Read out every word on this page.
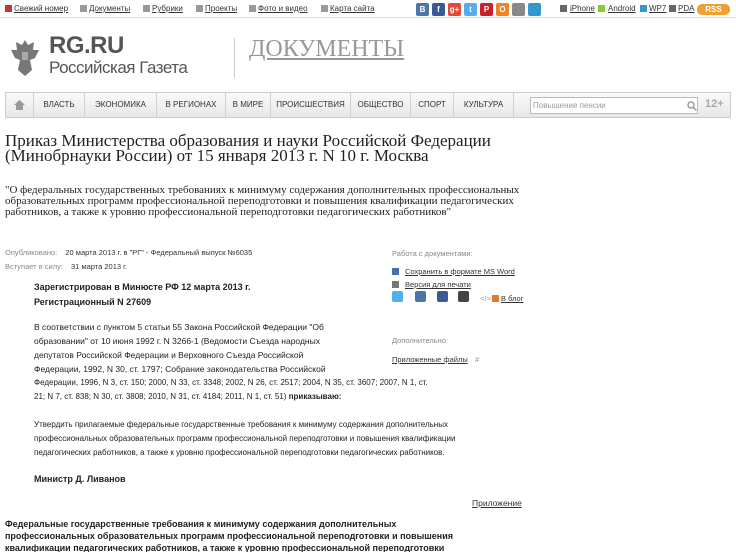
Свежий номер	Документы	Рубрики	Проекты	Фото и видео	Карта сайта	B	f	g+	t	P	O	iPhone Android WP7 PDA	RSS
RG.RU
Российская Газета
ДОКУМЕНТЫ
ВЛАСТЬ	ЭКОНОМИКА	В РЕГИОНАХ	В МИРЕ	ПРОИСШЕСТВИЯ	ОБЩЕСТВО	СПОРТ	КУЛЬТУРА	Повышение пенсии	12+
Приказ Министерства образования и науки Российской Федерации (Минобрнауки России) от 15 января 2013 г. N 10 г. Москва
"О федеральных государственных требованиях к минимуму содержания дополнительных профессиональных образовательных программ профессиональной переподготовки и повышения квалификации педагогических работников, а также к уровню профессиональной переподготовки педагогических работников"
Опубликовано: 20 марта 2013 г. в "РГ" - Федеральный выпуск №6035
Вступает в силу: 31 марта 2013 г.
Зарегистрирован в Минюсте РФ 12 марта 2013 г.
Регистрационный N 27609
В соответствии с пунктом 5 статьи 55 Закона Российской Федерации "Об
образовании" от 10 июня 1992 г. N 3266-1 (Ведомости Съезда народных
депутатов Российской Федерации и Верховного Съезда Российской
Федерации, 1992, N 30, ст. 1797; Собрание законодательства Российской
Федерации, 1996, N 3, ст. 150; 2000, N 33, ст. 3348; 2002, N 26, ст. 2517; 2004, N 35, ст. 3607; 2007, N 1, ст.
21; N 7, ст. 838; N 30, ст. 3808; 2010, N 31, ст. 4184; 2011, N 1, ст. 51) приказываю:
Утвердить прилагаемые федеральные государственные требования к минимуму содержания дополнительных
профессиональных образовательных программ профессиональной переподготовки и повышения квалификации
педагогических работников, а также к уровню профессиональной переподготовки педагогических работников.
Министр Д. Ливанов
Приложение
Федеральные государственные требования к минимуму содержания дополнительных
профессиональных образовательных программ профессиональной переподготовки и повышения
квалификации педагогических работников, а также к уровню профессиональной переподготовки
Работа с документами:
Сохранить в формате MS Word
Версия для печати
</> В блог
Дополнительно:
Приложенные файлы #
